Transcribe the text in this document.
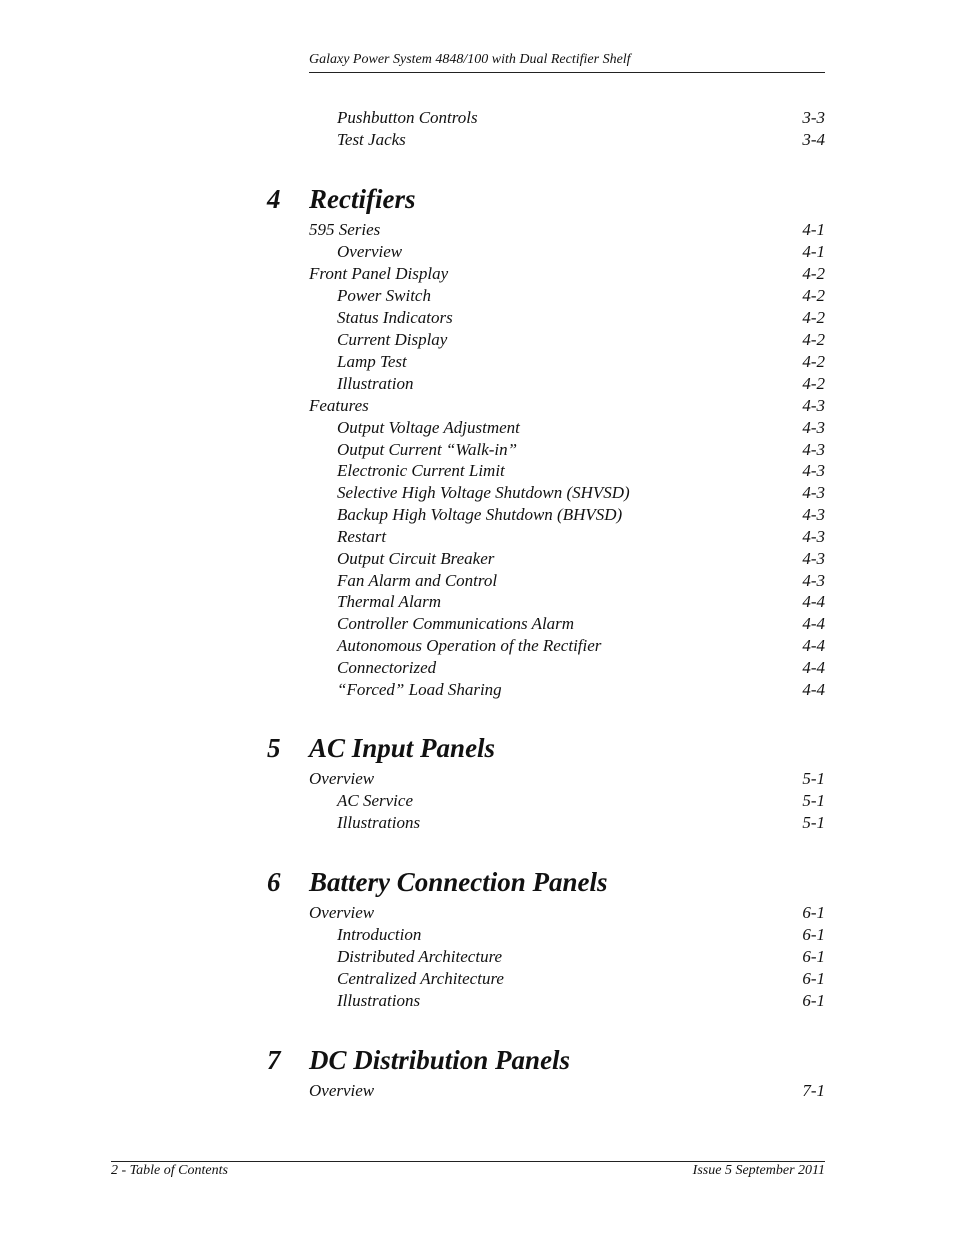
Galaxy Power System 4848/100 with Dual Rectifier Shelf
Pushbutton Controls	3-3
Test Jacks	3-4
4 Rectifiers
595 Series	4-1
Overview	4-1
Front Panel Display	4-2
Power Switch	4-2
Status Indicators	4-2
Current Display	4-2
Lamp Test	4-2
Illustration	4-2
Features	4-3
Output Voltage Adjustment	4-3
Output Current “Walk-in”	4-3
Electronic Current Limit	4-3
Selective High Voltage Shutdown (SHVSD)	4-3
Backup High Voltage Shutdown (BHVSD)	4-3
Restart	4-3
Output Circuit Breaker	4-3
Fan Alarm and Control	4-3
Thermal Alarm	4-4
Controller Communications Alarm	4-4
Autonomous Operation of the Rectifier	4-4
Connectorized	4-4
“Forced” Load Sharing	4-4
5 AC Input Panels
Overview	5-1
AC Service	5-1
Illustrations	5-1
6 Battery Connection Panels
Overview	6-1
Introduction	6-1
Distributed Architecture	6-1
Centralized Architecture	6-1
Illustrations	6-1
7 DC Distribution Panels
Overview	7-1
2 - Table of Contents	Issue 5 September 2011
